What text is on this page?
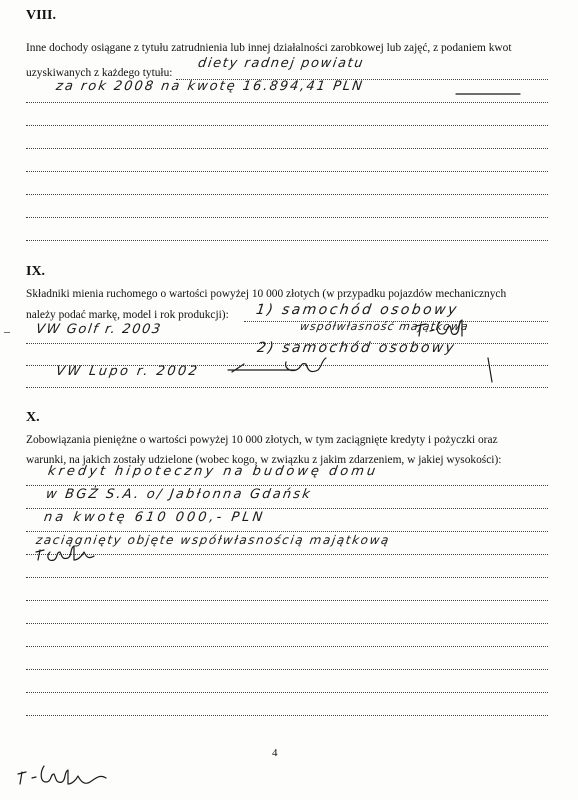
VIII.
Inne dochody osiągane z tytułu zatrudnienia lub innej działalności zarobkowej lub zajęć, z podaniem kwot
uzyskiwanych z każdego tytułu:
diety radnej powiatu
za rok 2008 na kwotę 16.894,41 PLN
IX.
Składniki mienia ruchomego o wartości powyżej 10 000 złotych (w przypadku pojazdów mechanicznych
należy podać markę, model i rok produkcji):
–
1) samochód osobowy
VW Golf r. 2003	współwłasność majątkowa
2) samochód osobowy
VW Lupo r. 2002
X.
Zobowiązania pieniężne o wartości powyżej 10 000 złotych, w tym zaciągnięte kredyty i pożyczki oraz
warunki, na jakich zostały udzielone (wobec kogo, w związku z jakim zdarzeniem, w jakiej wysokości):
kredyt hipoteczny na budowę domu
w BGŻ S.A. o/ Jabłonna Gdańsk
na kwotę 610 000,- PLN
zaciągnięty objęte współwłasnością majątkową
4
